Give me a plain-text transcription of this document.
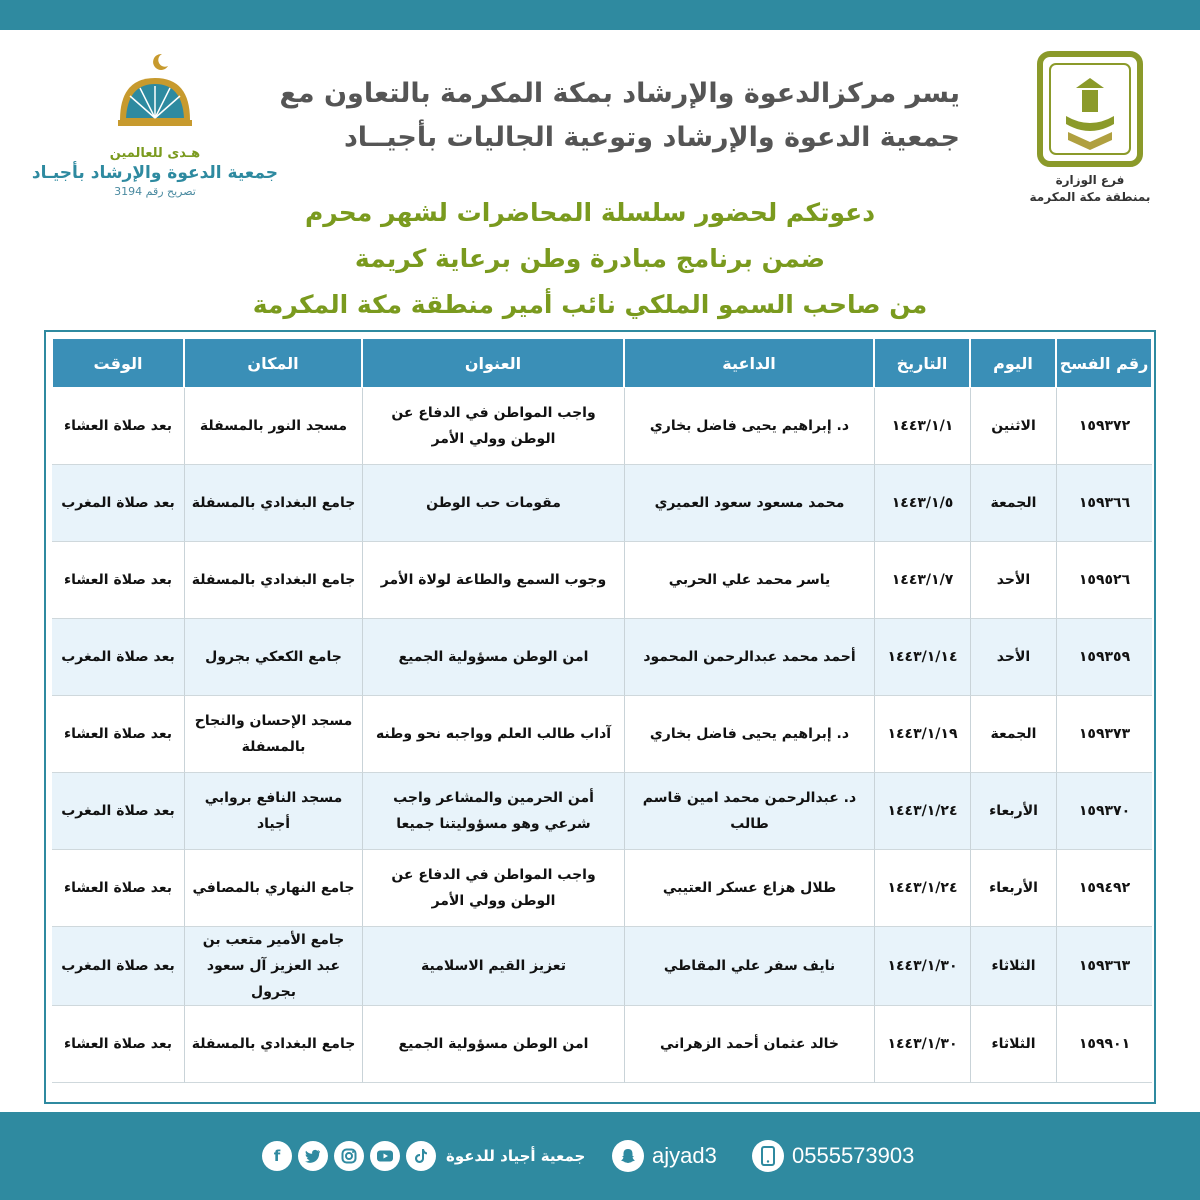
فرع الوزارة
بمنطقة مكة المكرمة
هـدى للعالمين
جمعية الدعوة والإرشاد بأجيـاد
تصريح رقم 3194
يسر مركزالدعوة والإرشاد بمكة المكرمة بالتعاون مع
جمعية الدعوة والإرشاد وتوعية الجاليات بأجيــاد
دعوتكم لحضور سلسلة المحاضرات لشهر محرم
ضمن برنامج مبادرة وطن برعاية كريمة
من صاحب السمو الملكي نائب أمير منطقة مكة المكرمة
رقم الفسح	اليوم	التاريخ	الداعية	العنوان	المكان	الوقت
١٥٩٣٧٢	الاثنين	١٤٤٣/١/١	د. إبراهيم يحيى فاضل بخاري	واجب المواطن في الدفاع عن الوطن وولي الأمر	مسجد النور بالمسفلة	بعد صلاة العشاء
١٥٩٣٦٦	الجمعة	١٤٤٣/١/٥	محمد مسعود سعود العميري	مقومات حب الوطن	جامع البغدادي بالمسفلة	بعد صلاة المغرب
١٥٩٥٢٦	الأحد	١٤٤٣/١/٧	ياسر محمد علي الحربي	وجوب السمع والطاعة لولاة الأمر	جامع البغدادي بالمسفلة	بعد صلاة العشاء
١٥٩٣٥٩	الأحد	١٤٤٣/١/١٤	أحمد محمد عبدالرحمن المحمود	امن الوطن مسؤولية الجميع	جامع الكعكي بجرول	بعد صلاة المغرب
١٥٩٣٧٣	الجمعة	١٤٤٣/١/١٩	د. إبراهيم يحيى فاضل بخاري	آداب طالب العلم وواجبه نحو وطنه	مسجد الإحسان والنجاح بالمسفلة	بعد صلاة العشاء
١٥٩٣٧٠	الأربعاء	١٤٤٣/١/٢٤	د. عبدالرحمن محمد امين قاسم طالب	أمن الحرمين والمشاعر واجب شرعي وهو مسؤوليتنا جميعا	مسجد النافع بروابي أجياد	بعد صلاة المغرب
١٥٩٤٩٢	الأربعاء	١٤٤٣/١/٢٤	طلال هزاع عسكر العتيبي	واجب المواطن في الدفاع عن الوطن وولي الأمر	جامع النهاري بالمصافي	بعد صلاة العشاء
١٥٩٣٦٣	الثلاثاء	١٤٤٣/١/٣٠	نايف سفر علي المقاطي	تعزيز القيم الاسلامية	جامع الأمير متعب بن عبد العزيز آل سعود بجرول	بعد صلاة المغرب
١٥٩٩٠١	الثلاثاء	١٤٤٣/١/٣٠	خالد عثمان أحمد الزهراني	امن الوطن مسؤولية الجميع	جامع البغدادي بالمسفلة	بعد صلاة العشاء
0555573903
ajyad3
f	جمعية أجياد للدعوة
